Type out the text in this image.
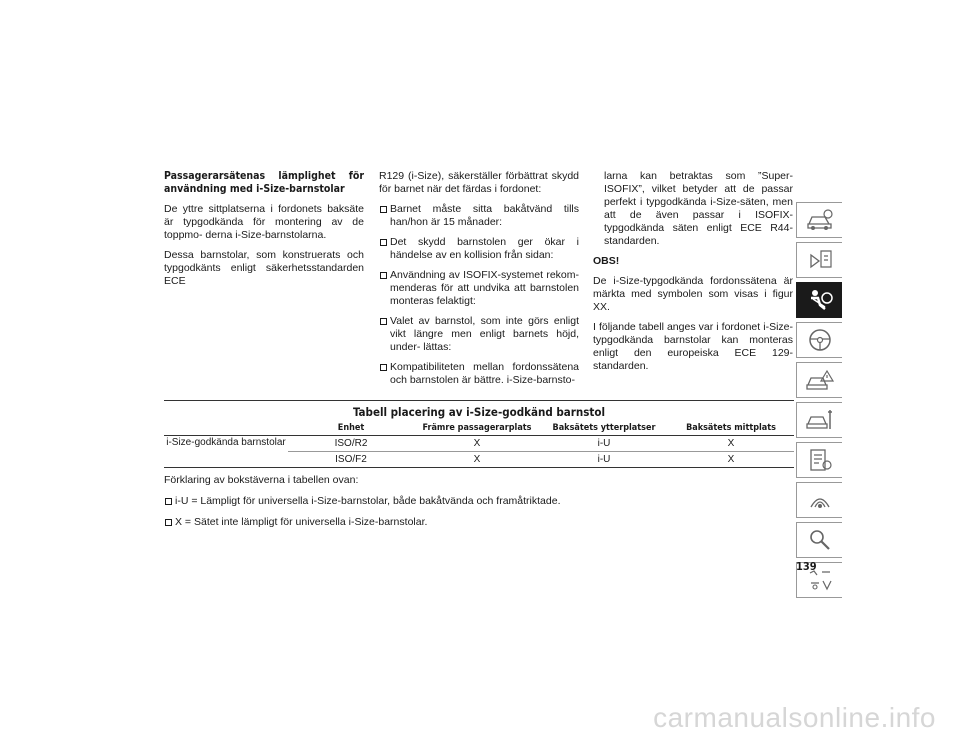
Passagerarsätenas lämplighet för användning med i-Size-barnstolar

De yttre sittplatserna i fordonets baksäte är typgodkända för montering av de toppmo- derna i-Size-barnstolarna.

Dessa barnstolar, som konstruerats och typgodkänts enligt säkerhetsstandarden ECE

R129 (i-Size), säkerställer förbättrat skydd för barnet när det färdas i fordonet:

Barnet måste sitta bakåtvänd tills han/hon är 15 månader:
Det skydd barnstolen ger ökar i händelse av en kollision från sidan:
Användning av ISOFIX-systemet rekom- menderas för att undvika att barnstolen monteras felaktigt:
Valet av barnstol, som inte görs enligt vikt längre men enligt barnets höjd, under- lättas:
Kompatibiliteten mellan fordonssätena och barnstolen är bättre. i-Size-barnsto-
larna kan betraktas som ”Super-ISOFIX”, vilket betyder att de passar perfekt i typgodkända i-Size-säten, men att de även passar i ISOFIX-typgodkända säten enligt ECE R44-standarden.

OBS!

De i-Size-typgodkända fordonssätena är märkta med symbolen som visas i figur XX.

I följande tabell anges var i fordonet i-Size-typgodkända barnstolar kan monteras enligt den europeiska ECE 129-standarden.

Tabell placering av i-Size-godkänd barnstol				
	Enhet	Främre passagerarplats	Baksätets ytterplatser	Baksätets mittplats
i-Size-godkända barnstolar	ISO/R2	X	i-U	X
	ISO/F2	X	i-U	X

Förklaring av bokstäverna i tabellen ovan:

i-U = Lämpligt för universella i-Size-barnstolar, både bakåtvända och framåtriktade.
X = Sätet inte lämpligt för universella i-Size-barnstolar.
139
carmanualsonline.info
